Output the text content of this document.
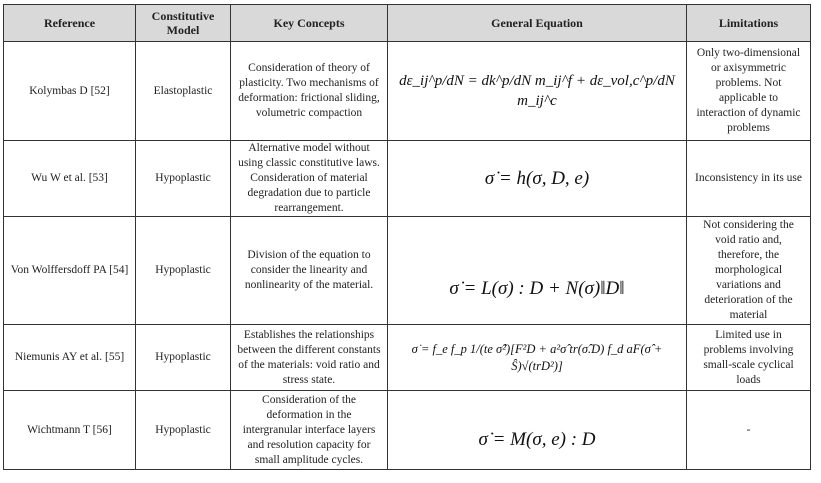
Reference	Constitutive Model	Key Concepts	General Equation	Limitations
Kolymbas D [52]	Elastoplastic	Consideration of theory of plasticity. Two mechanisms of deformation: frictional sliding, volumetric compaction	dε_ij^p/dN = dk^p/dN m_ij^f + dε_vol,c^p/dN m_ij^c	Only two-dimensional or axisymmetric problems. Not applicable to interaction of dynamic problems
Wu W et al. [53]	Hypoplastic	Alternative model without using classic constitutive laws. Consideration of material degradation due to particle rearrangement.	σ̇ = h(σ, D, e)	Inconsistency in its use
Von Wolffersdoff PA [54]	Hypoplastic	Division of the equation to consider the linearity and nonlinearity of the material.	σ̇ = L(σ) : D + N(σ)‖D‖	Not considering the void ratio and, therefore, the morphological variations and deterioration of the material
Niemunis AY et al. [55]	Hypoplastic	Establishes the relationships between the different constants of the materials: void ratio and stress state.	σ̇ = f_e f_p 1/(te σ̂²)[F²D + a²σ̂ tr(σ̂.D) f_d aF(σ̂ + Ŝ)√(trD²)]	Limited use in problems involving small-scale cyclical loads
Wichtmann T [56]	Hypoplastic	Consideration of the deformation in the intergranular interface layers and resolution capacity for small amplitude cycles.	σ̇ = M(σ, e) : D	-
